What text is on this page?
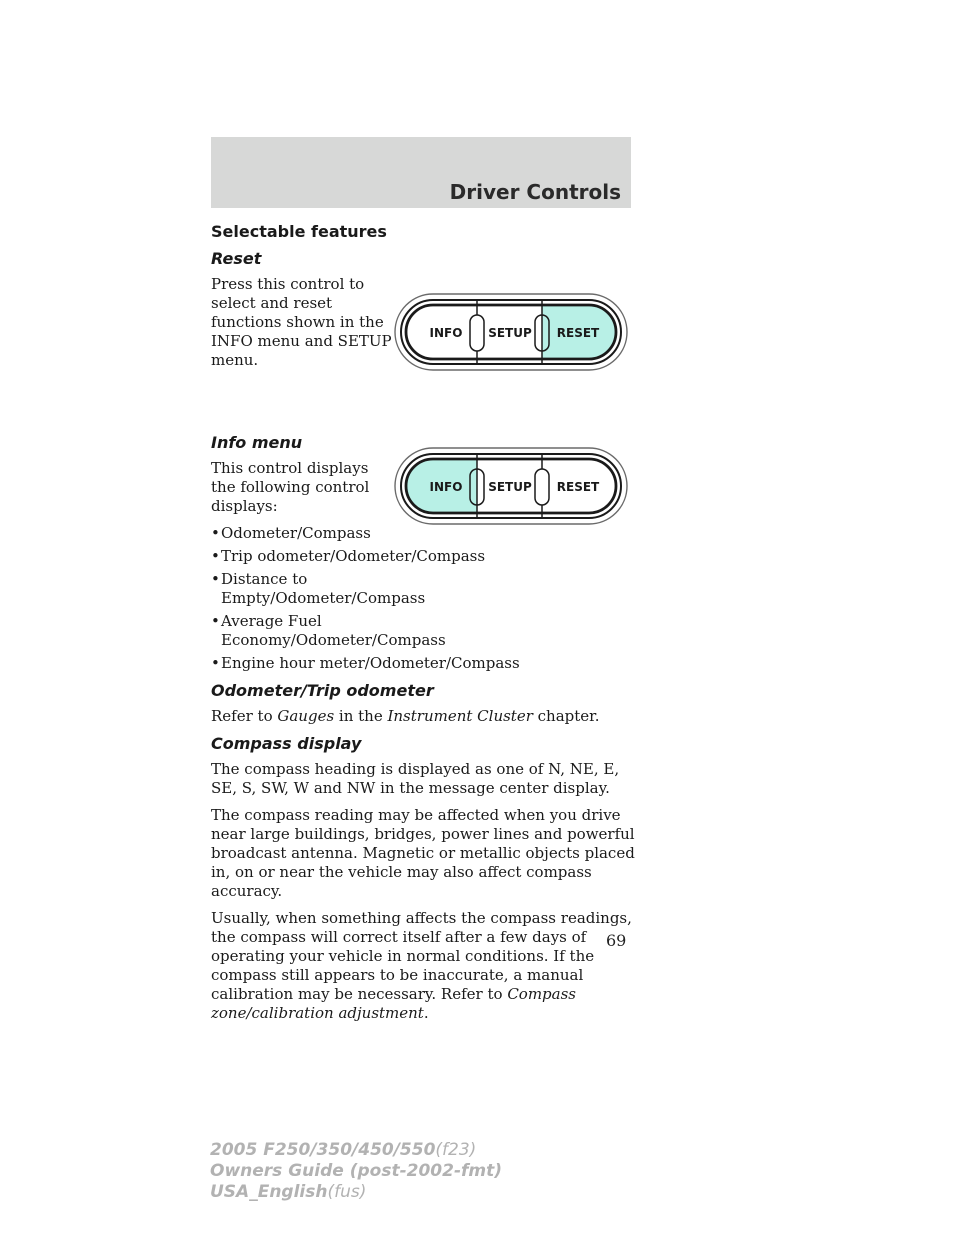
Driver Controls
Selectable features
Reset

Press this control to select and reset functions shown in the INFO menu and SETUP menu.

Info menu

This control displays the following control displays:

• Odometer/Compass
• Trip odometer/Odometer/Compass
• Distance to Empty/Odometer/Compass
• Average Fuel Economy/Odometer/Compass
• Engine hour meter/Odometer/Compass
Odometer/Trip odometer

Refer to Gauges in the Instrument Cluster chapter.

Compass display

The compass heading is displayed as one of N, NE, E, SE, S, SW, W and NW in the message center display.

The compass reading may be affected when you drive near large buildings, bridges, power lines and powerful broadcast antenna. Magnetic or metallic objects placed in, on or near the vehicle may also affect compass accuracy.

Usually, when something affects the compass readings, the compass will correct itself after a few days of operating your vehicle in normal conditions. If the compass still appears to be inaccurate, a manual calibration may be necessary. Refer to Compass zone/calibration adjustment.

INFO SETUP RESET
INFO SETUP RESET
69
2005 F250/350/450/550(f23)
Owners Guide (post-2002-fmt)
USA_English(fus)
